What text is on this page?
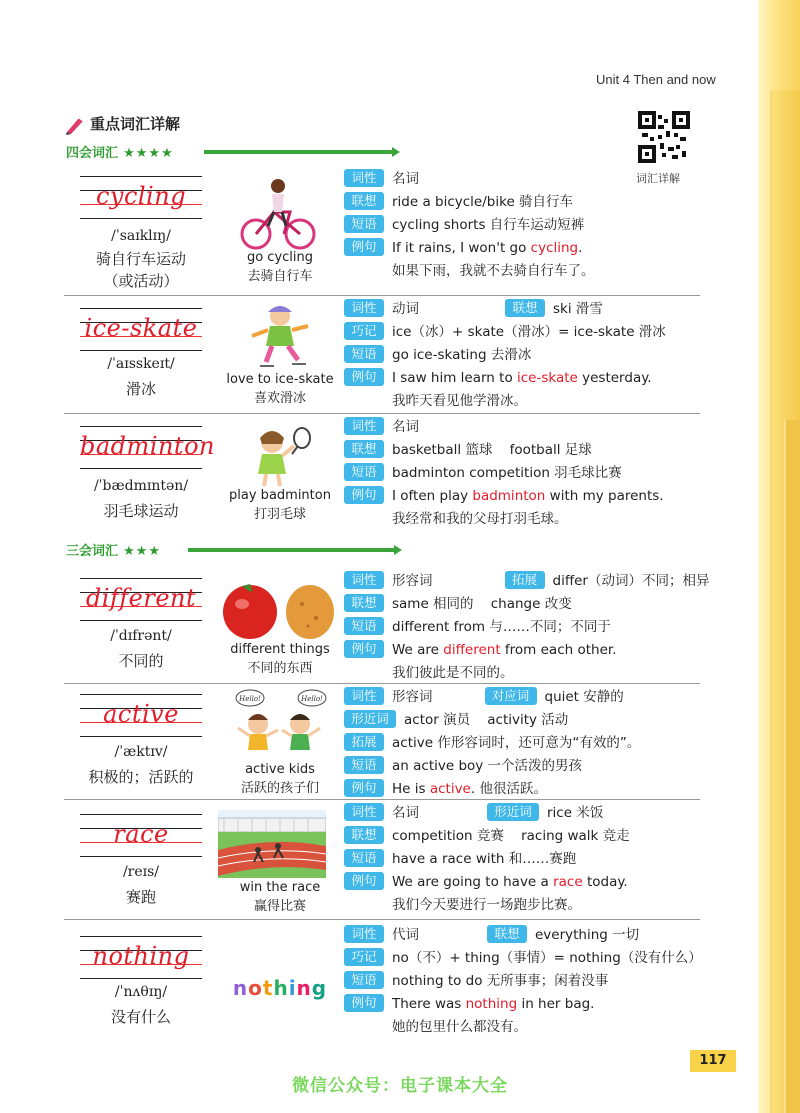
Unit 4 Then and now
重点词汇详解
四会词汇 ★★★★
词汇详解
cycling
/ˈsaɪklɪŋ/
骑自行车运动
（或活动）
go cycling
去骑自行车
词性 名词
联想 ride a bicycle/bike 骑自行车
短语 cycling shorts 自行车运动短裤
例句 If it rains, I won't go cycling.
如果下雨，我就不去骑自行车了。
ice-skate
/ˈaɪsskeɪt/
滑冰
love to ice-skate
喜欢滑冰
词性 动词	联想 ski 滑雪
巧记 ice（冰）+ skate（滑冰）= ice-skate 滑冰
短语 go ice-skating 去滑冰
例句 I saw him learn to ice-skate yesterday.
我昨天看见他学滑冰。
badminton
/ˈbædmɪntən/
羽毛球运动
play badminton
打羽毛球
词性 名词
联想 basketball 篮球    football 足球
短语 badminton competition 羽毛球比赛
例句 I often play badminton with my parents.
我经常和我的父母打羽毛球。
三会词汇 ★★★
different
/ˈdɪfrənt/
不同的
different things
不同的东西
词性 形容词	拓展 differ（动词）不同；相异
联想 same 相同的    change 改变
短语 different from 与……不同；不同于
例句 We are different from each other.
我们彼此是不同的。
active
/ˈæktɪv/
积极的；活跃的
Hello!	Hello!
active kids
活跃的孩子们
词性 形容词	对应词 quiet 安静的
形近词 actor 演员    activity 活动
拓展 active 作形容词时，还可意为“有效的”。
短语 an active boy 一个活泼的男孩
例句 He is active. 他很活跃。
race
/reɪs/
赛跑
win the race
赢得比赛
词性 名词	形近词 rice 米饭
联想 competition 竞赛    racing walk 竞走
短语 have a race with 和……赛跑
例句 We are going to have a race today.
我们今天要进行一场跑步比赛。
nothing
/ˈnʌθɪŋ/
没有什么
nothing
词性 代词	联想 everything 一切
巧记 no（不）+ thing（事情）= nothing（没有什么）
短语 nothing to do 无所事事；闲着没事
例句 There was nothing in her bag.
她的包里什么都没有。
117
微信公众号：电子课本大全
